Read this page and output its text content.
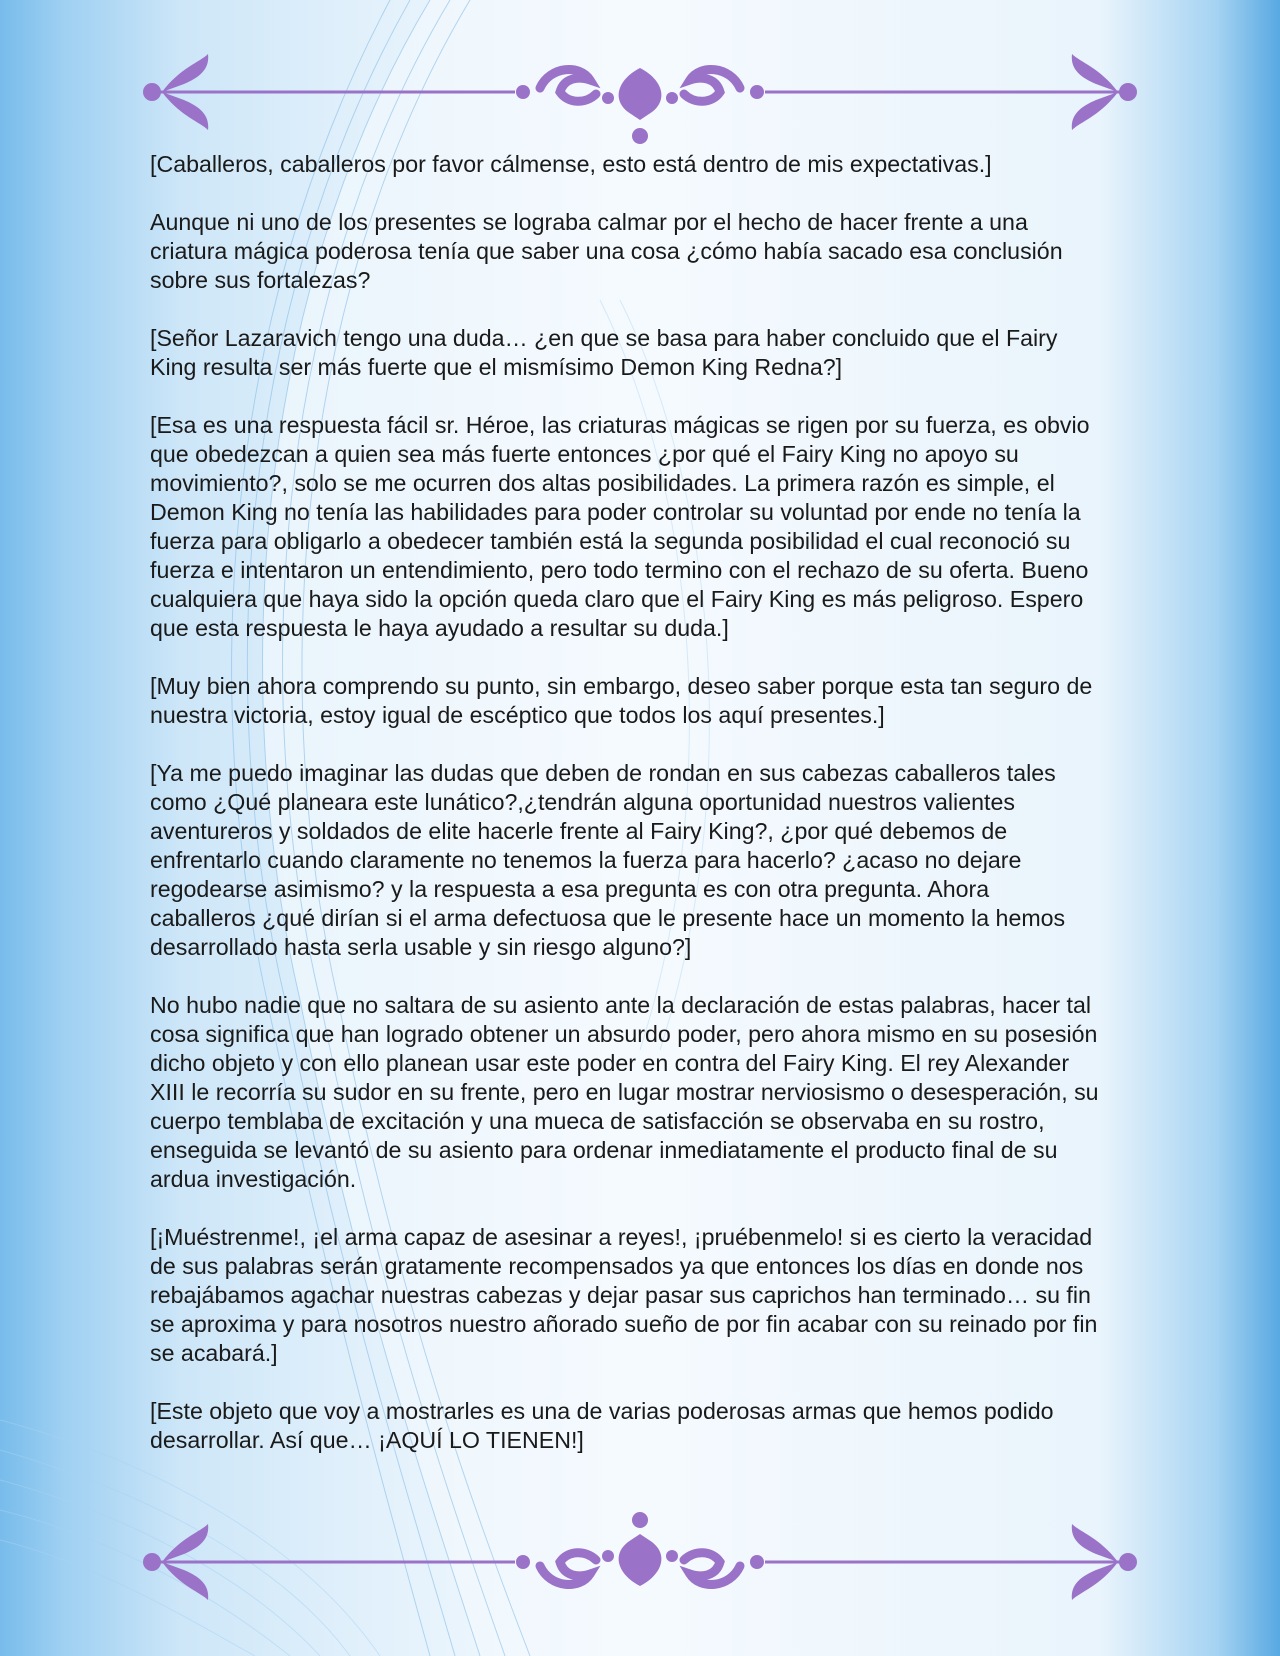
[Caballeros, caballeros por favor cálmense, esto está dentro de mis expectativas.]

Aunque ni uno de los presentes se lograba calmar por el hecho de hacer frente a una criatura mágica poderosa tenía que saber una cosa ¿cómo había sacado esa conclusión sobre sus fortalezas?

[Señor Lazaravich tengo una duda… ¿en que se basa para haber concluido que el Fairy King resulta ser más fuerte que el mismísimo Demon King Redna?]

[Esa es una respuesta fácil sr. Héroe, las criaturas mágicas se rigen por su fuerza, es obvio que obedezcan a quien sea más fuerte entonces ¿por qué el Fairy King no apoyo su movimiento?, solo se me ocurren dos altas posibilidades. La primera razón es simple, el Demon King no tenía las habilidades para poder controlar su voluntad por ende no tenía la fuerza para obligarlo a obedecer también está la segunda posibilidad el cual reconoció su fuerza e intentaron un entendimiento, pero todo termino con el rechazo de su oferta. Bueno cualquiera que haya sido la opción queda claro que el Fairy King es más peligroso. Espero que esta respuesta le haya ayudado a resultar su duda.]

[Muy bien ahora comprendo su punto, sin embargo, deseo saber porque esta tan seguro de nuestra victoria, estoy igual de escéptico que todos los aquí presentes.]

[Ya me puedo imaginar las dudas que deben de rondan en sus cabezas caballeros tales como ¿Qué planeara este lunático?,¿tendrán alguna oportunidad nuestros valientes aventureros y soldados de elite hacerle frente al Fairy King?, ¿por qué debemos de enfrentarlo cuando claramente no tenemos la fuerza para hacerlo? ¿acaso no dejare regodearse asimismo? y la respuesta a esa pregunta es con otra pregunta. Ahora caballeros ¿qué dirían si el arma defectuosa que le presente hace un momento la hemos desarrollado hasta serla usable y sin riesgo alguno?]

No hubo nadie que no saltara de su asiento ante la declaración de estas palabras, hacer tal cosa significa que han logrado obtener un absurdo poder, pero ahora mismo en su posesión dicho objeto y con ello planean usar este poder en contra del Fairy King. El rey Alexander XIII le recorría su sudor en su frente, pero en lugar mostrar nerviosismo o desesperación, su cuerpo temblaba de excitación y una mueca de satisfacción se observaba en su rostro, enseguida se levantó de su asiento para ordenar inmediatamente el producto final de su ardua investigación.

[¡Muéstrenme!, ¡el arma capaz de asesinar a reyes!, ¡pruébenmelo! si es cierto la veracidad de sus palabras serán gratamente recompensados ya que entonces los días en donde nos rebajábamos agachar nuestras cabezas y dejar pasar sus caprichos han terminado… su fin se aproxima y para nosotros nuestro añorado sueño de por fin acabar con su reinado por fin se acabará.]

[Este objeto que voy a mostrarles es una de varias poderosas armas que hemos podido desarrollar. Así que… ¡AQUÍ LO TIENEN!]
